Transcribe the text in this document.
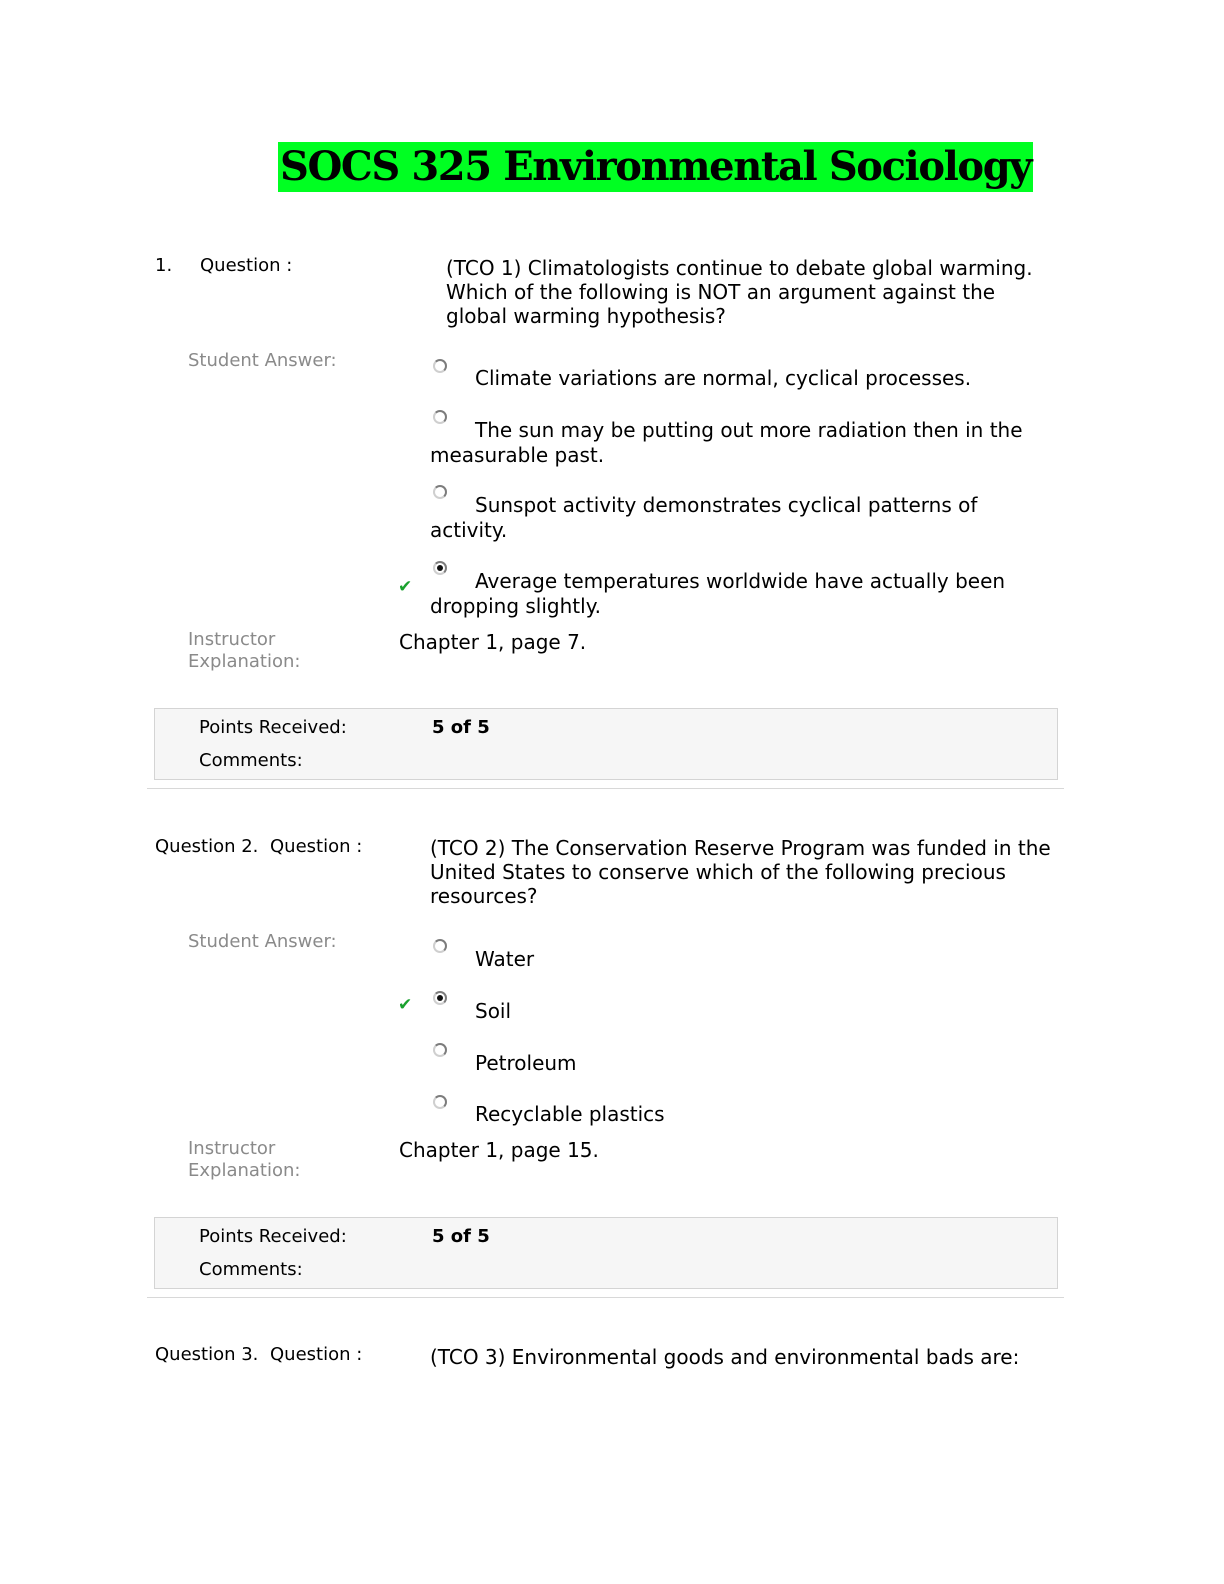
SOCS 325 Environmental Sociology
1. Question :	(TCO 1) Climatologists continue to debate global warming. Which of the following is NOT an argument against the global warming hypothesis?
Student Answer:
Climate variations are normal, cyclical processes.
The sun may be putting out more radiation then in the measurable past.
Sunspot activity demonstrates cyclical patterns of activity.
✔	Average temperatures worldwide have actually been dropping slightly.
Instructor Explanation:
Chapter 1, page 7.
Points Received:	5 of 5
Comments:
Question 2. Question :	(TCO 2) The Conservation Reserve Program was funded in the United States to conserve which of the following precious resources?
Student Answer:
Water
✔	Soil
Petroleum
Recyclable plastics
Instructor Explanation:
Chapter 1, page 15.
Points Received:	5 of 5
Comments:
Question 3. Question :	(TCO 3) Environmental goods and environmental bads are:
